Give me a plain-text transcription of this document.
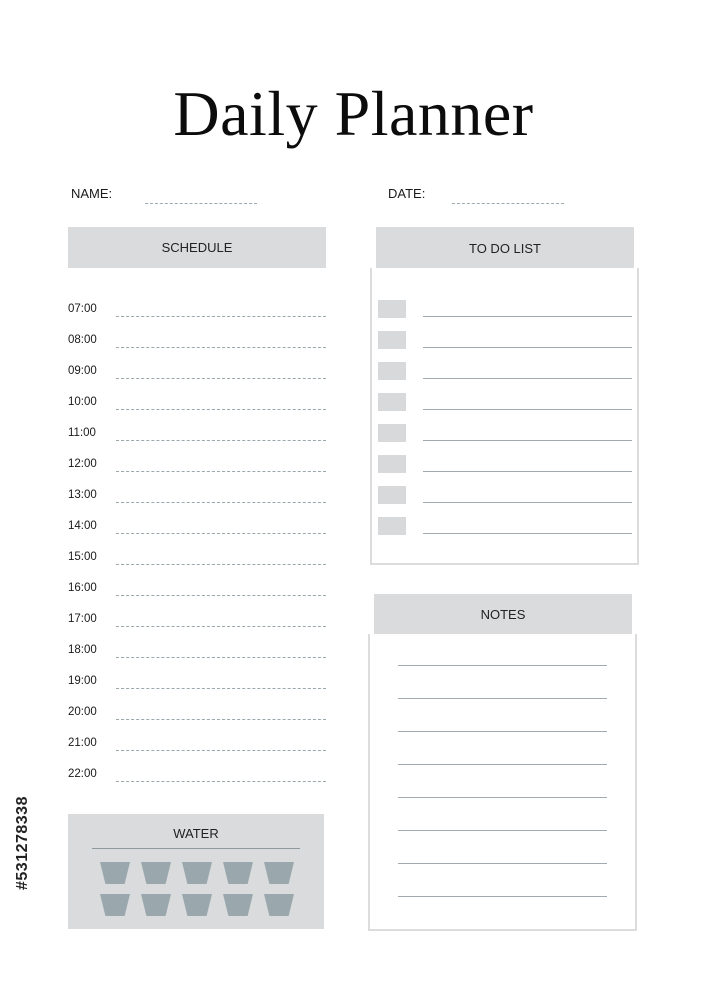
Daily Planner
NAME:	DATE:
SCHEDULE
07:00
08:00
09:00
10:00
11:00
12:00
13:00
14:00
15:00
16:00
17:00
18:00
19:00
20:00
21:00
22:00
TO DO LIST
NOTES
WATER
#531278338
